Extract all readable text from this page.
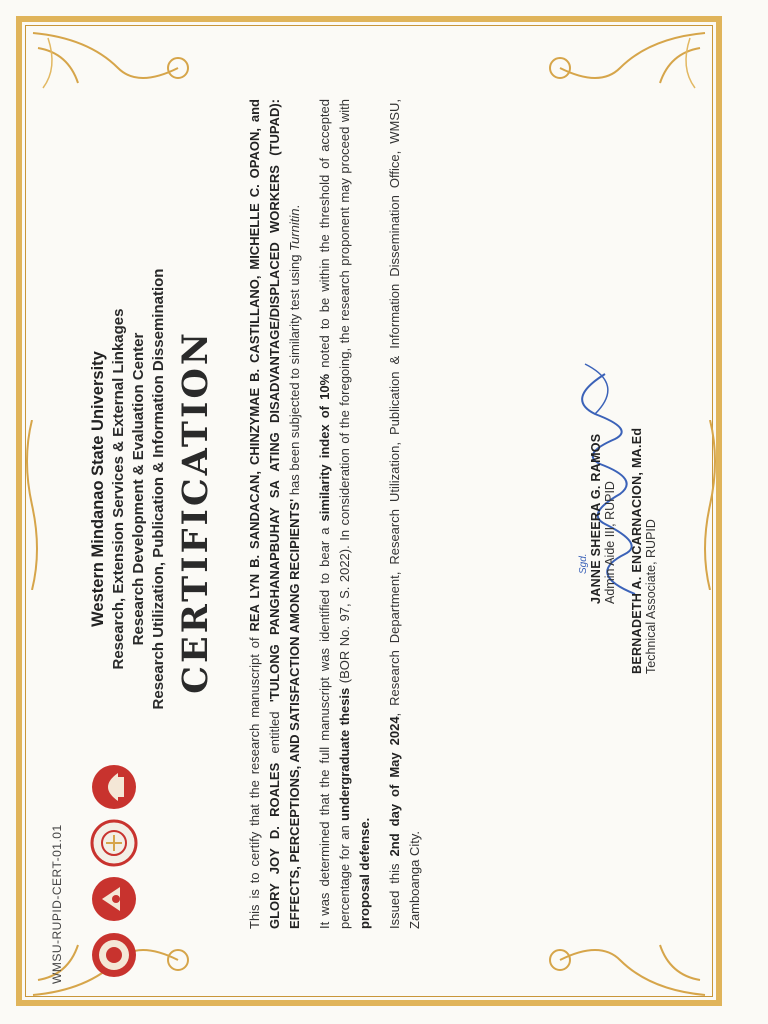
WMSU-RUPID-CERT-01.01
Western Mindanao State University Research, Extension Services & External Linkages Research Development & Evaluation Center Research Utilization, Publication & Information Dissemination CERTIFICATION

This is to certify that the research manuscript of REA LYN B. SANDACAN, CHINZYMAE B. CASTILLANO, MICHELLE C. OPAON, and GLORY JOY D. ROALES entitled 'TULONG PANGHANAPBUHAY SA ATING DISADVANTAGE/DISPLACED WORKERS (TUPAD): EFFECTS, PERCEPTIONS, AND SATISFACTION AMONG RECIPIENTS' has been subjected to similarity test using Turnitin.

It was determined that the full manuscript was identified to bear a similarity index of 10% noted to be within the threshold of accepted percentage for an undergraduate thesis (BOR No. 97, S. 2022). In consideration of the foregoing, the research proponent may proceed with proposal defense. Issued this 2nd day of May 2024, Research Department, Research Utilization, Publication & Information Dissemination Office, WMSU, Zamboanga City.

Sgd. JANNE SHEERA G. RAMOS Admin Aide III, RUPID BERNADETH A. ENCARNACION, MA.Ed Technical Associate, RUPID
